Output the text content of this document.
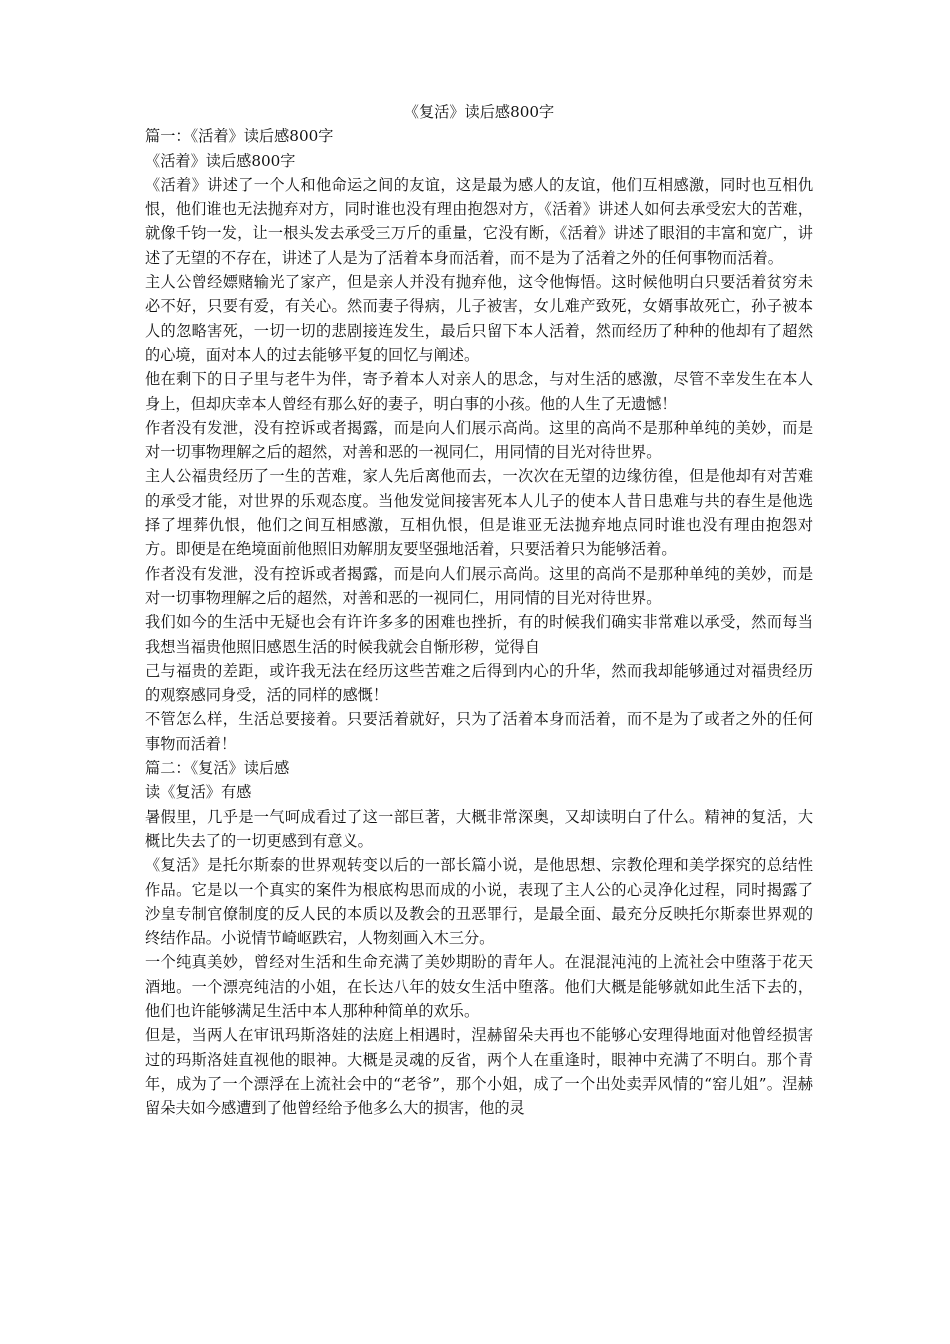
《复活》读后感800字

篇一：《活着》读后感800字

《活着》读后感800字

《活着》讲述了一个人和他命运之间的友谊，这是最为感人的友谊，他们互相感激，同时也互相仇恨，他们谁也无法抛弃对方，同时谁也没有理由抱怨对方，《活着》讲述人如何去承受宏大的苦难，就像千钧一发，让一根头发去承受三万斤的重量，它没有断，《活着》讲述了眼泪的丰富和宽广，讲述了无望的不存在，讲述了人是为了活着本身而活着，而不是为了活着之外的任何事物而活着。

主人公曾经嫖赌输光了家产，但是亲人并没有抛弃他，这令他悔悟。这时候他明白只要活着贫穷未必不好，只要有爱，有关心。然而妻子得病，儿子被害，女儿难产致死，女婿事故死亡，孙子被本人的忽略害死，一切一切的悲剧接连发生，最后只留下本人活着，然而经历了种种的他却有了超然的心境，面对本人的过去能够平复的回忆与阐述。

他在剩下的日子里与老牛为伴，寄予着本人对亲人的思念，与对生活的感激，尽管不幸发生在本人身上，但却庆幸本人曾经有那么好的妻子，明白事的小孩。他的人生了无遗憾！

作者没有发泄，没有控诉或者揭露，而是向人们展示高尚。这里的高尚不是那种单纯的美妙，而是对一切事物理解之后的超然，对善和恶的一视同仁，用同情的目光对待世界。

主人公福贵经历了一生的苦难，家人先后离他而去，一次次在无望的边缘彷徨，但是他却有对苦难的承受才能，对世界的乐观态度。当他发觉间接害死本人儿子的使本人昔日患难与共的春生是他选择了埋葬仇恨，他们之间互相感激，互相仇恨，但是谁亚无法抛弃地点同时谁也没有理由抱怨对方。即便是在绝境面前他照旧劝解朋友要坚强地活着，只要活着只为能够活着。

作者没有发泄，没有控诉或者揭露，而是向人们展示高尚。这里的高尚不是那种单纯的美妙，而是对一切事物理解之后的超然，对善和恶的一视同仁，用同情的目光对待世界。

我们如今的生活中无疑也会有许许多多的困难也挫折，有的时候我们确实非常难以承受，然而每当我想当福贵他照旧感恩生活的时候我就会自惭形秽，觉得自

己与福贵的差距，或许我无法在经历这些苦难之后得到内心的升华，然而我却能够通过对福贵经历的观察感同身受，活的同样的感慨！

不管怎么样，生活总要接着。只要活着就好，只为了活着本身而活着，而不是为了或者之外的任何事物而活着！

篇二：《复活》读后感

读《复活》有感

暑假里，几乎是一气呵成看过了这一部巨著，大概非常深奥，又却读明白了什么。精神的复活，大概比失去了的一切更感到有意义。

《复活》是托尔斯泰的世界观转变以后的一部长篇小说，是他思想、宗教伦理和美学探究的总结性作品。它是以一个真实的案件为根底构思而成的小说，表现了主人公的心灵净化过程，同时揭露了沙皇专制官僚制度的反人民的本质以及教会的丑恶罪行，是最全面、最充分反映托尔斯泰世界观的终结作品。小说情节崎岖跌宕，人物刻画入木三分。

一个纯真美妙，曾经对生活和生命充满了美妙期盼的青年人。在混混沌沌的上流社会中堕落于花天酒地。一个漂亮纯洁的小姐，在长达八年的妓女生活中堕落。他们大概是能够就如此生活下去的，他们也许能够满足生活中本人那种种简单的欢乐。

但是，当两人在审讯玛斯洛娃的法庭上相遇时，涅赫留朵夫再也不能够心安理得地面对他曾经损害过的玛斯洛娃直视他的眼神。大概是灵魂的反省，两个人在重逢时，眼神中充满了不明白。那个青年，成为了一个漂浮在上流社会中的“老爷”，那个小姐，成了一个出处卖弄风情的“窑儿姐”。涅赫留朵夫如今感遭到了他曾经给予他多么大的损害，他的灵
